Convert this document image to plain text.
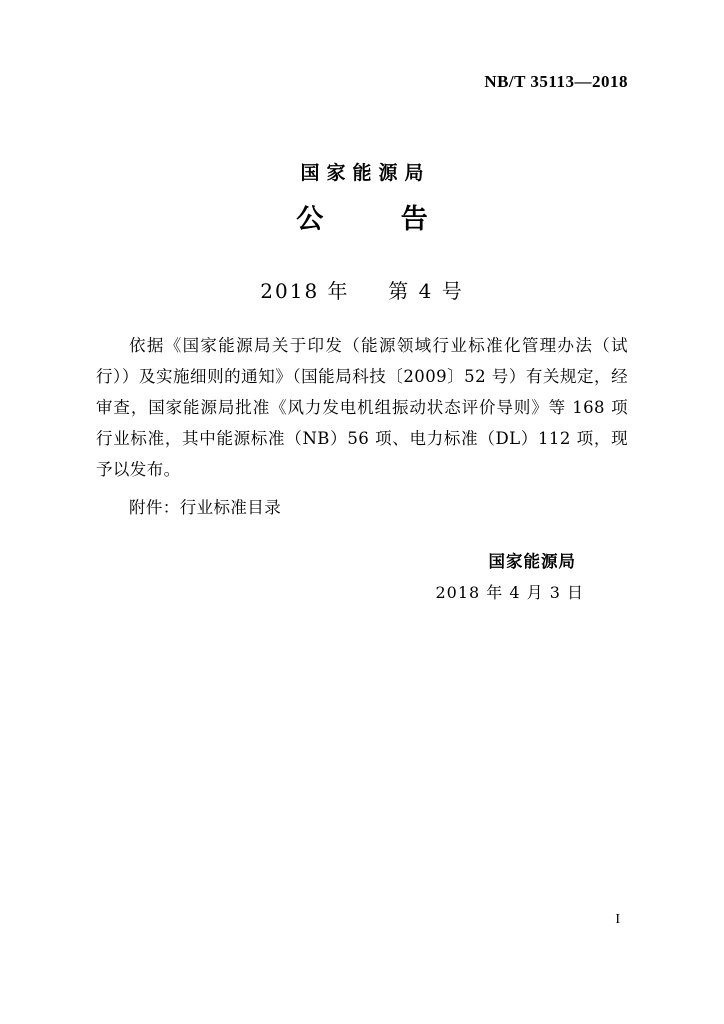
NB/T 35113—2018
国家能源局
公 告
2018 年 第 4 号

依据《国家能源局关于印发（能源领域行业标准化管理办法（试行））及实施细则的通知》（国能局科技〔2009〕52 号）有关规定，经审查，国家能源局批准《风力发电机组振动状态评价导则》等 168 项行业标准，其中能源标准（NB）56 项、电力标准（DL）112 项，现予以发布。

附件：行业标准目录
国家能源局
2018 年 4 月 3 日
I
